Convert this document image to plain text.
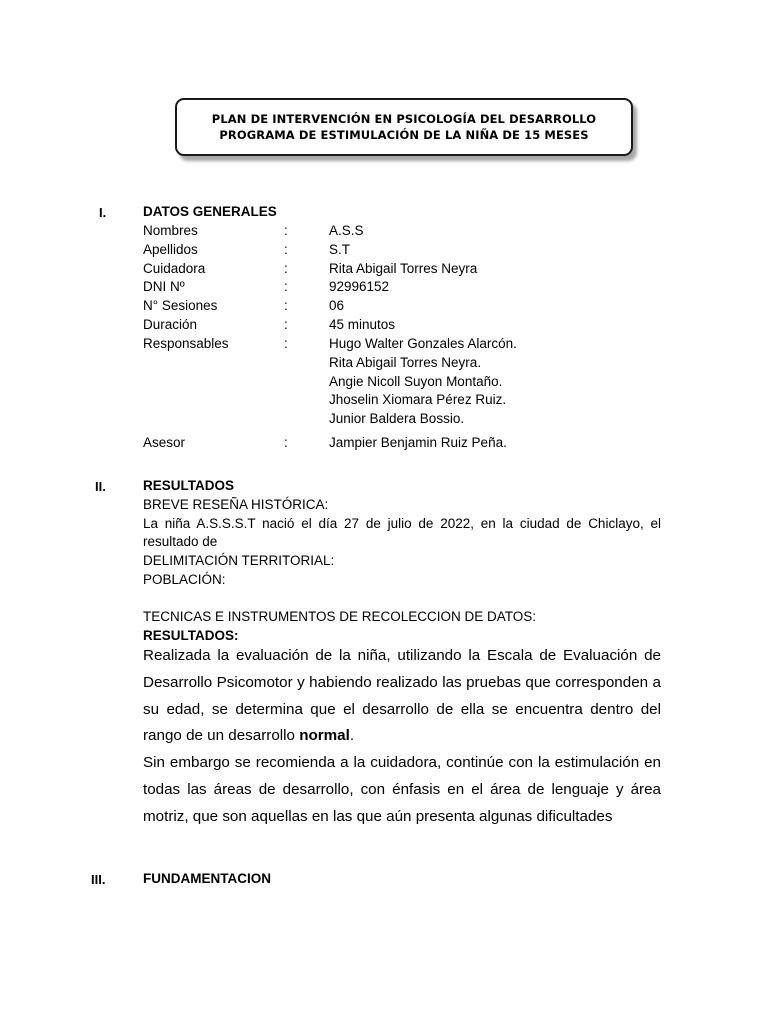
PLAN DE INTERVENCIÓN EN PSICOLOGÍA DEL DESARROLLO
PROGRAMA DE ESTIMULACIÓN DE LA NIÑA DE 15 MESES
I.	DATOS GENERALES
Nombres	:	A.S.S
Apellidos	:	S.T
Cuidadora	:	Rita Abigail Torres Neyra
DNI Nº	:	92996152
N° Sesiones	:	06
Duración	:	45 minutos
Responsables	:	Hugo Walter Gonzales Alarcón.
Rita Abigail Torres Neyra.
Angie Nicoll Suyon Montaño.
Jhoselin Xiomara Pérez Ruiz.
Junior Baldera Bossio.
Asesor	:	Jampier Benjamin Ruiz Peña.
II.	RESULTADOS
BREVE RESEÑA HISTÓRICA:
La niña A.S.S.S.T nació el día 27 de julio de 2022, en la ciudad de Chiclayo, el
resultado de
DELIMITACIÓN TERRITORIAL:
POBLACIÓN:
TECNICAS E INSTRUMENTOS DE RECOLECCION DE DATOS:
RESULTADOS:
Realizada la evaluación de la niña, utilizando la Escala de Evaluación de Desarrollo Psicomotor y habiendo realizado las pruebas que corresponden a su edad, se determina que el desarrollo de ella se encuentra dentro del rango de un desarrollo normal.
Sin embargo se recomienda a la cuidadora, continúe con la estimulación en todas las áreas de desarrollo, con énfasis en el área de lenguaje y área motriz, que son aquellas en las que aún presenta algunas dificultades
III.	FUNDAMENTACION
